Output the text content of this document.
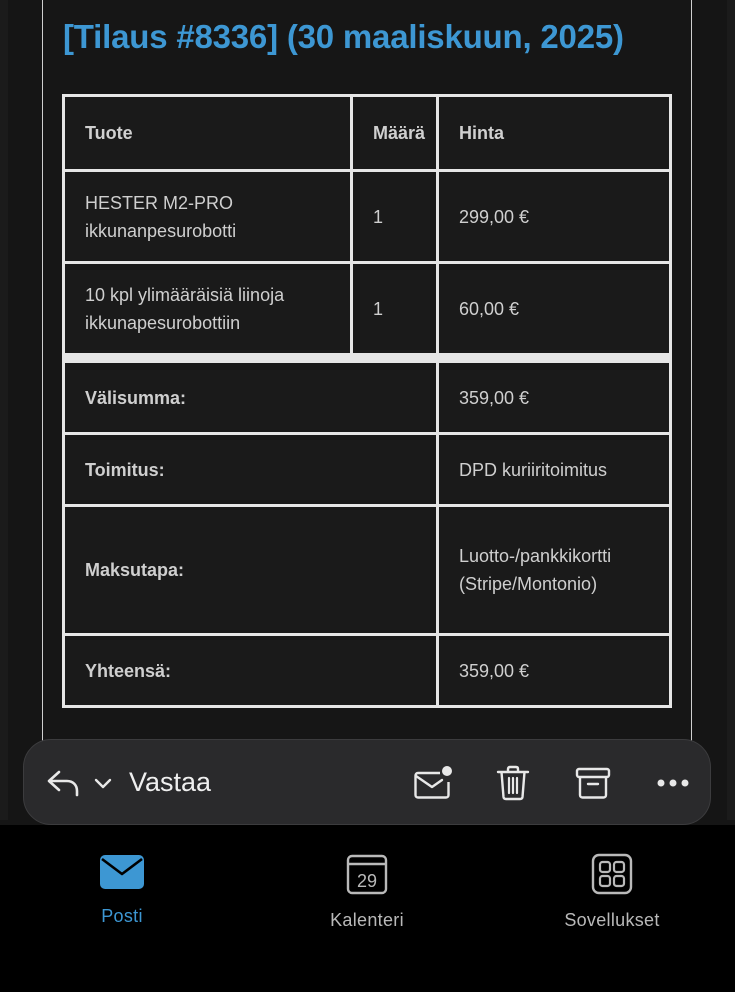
[Tilaus #8336] (30 maaliskuun, 2025)
Tuote	Määrä	Hinta
HESTER M2-PRO ikkunanpesurobotti	1	299,00 €
10 kpl ylimääräisiä liinoja ikkunapesurobottiin	1	60,00 €

Välisumma:		359,00 €
Toimitus:		DPD kuriiritoimitus
Maksutapa:		Luotto-/pankkikortti (Stripe/Montonio)
Yhteensä:		359,00 €
Vastaa
Posti
29
Kalenteri	Sovellukset
